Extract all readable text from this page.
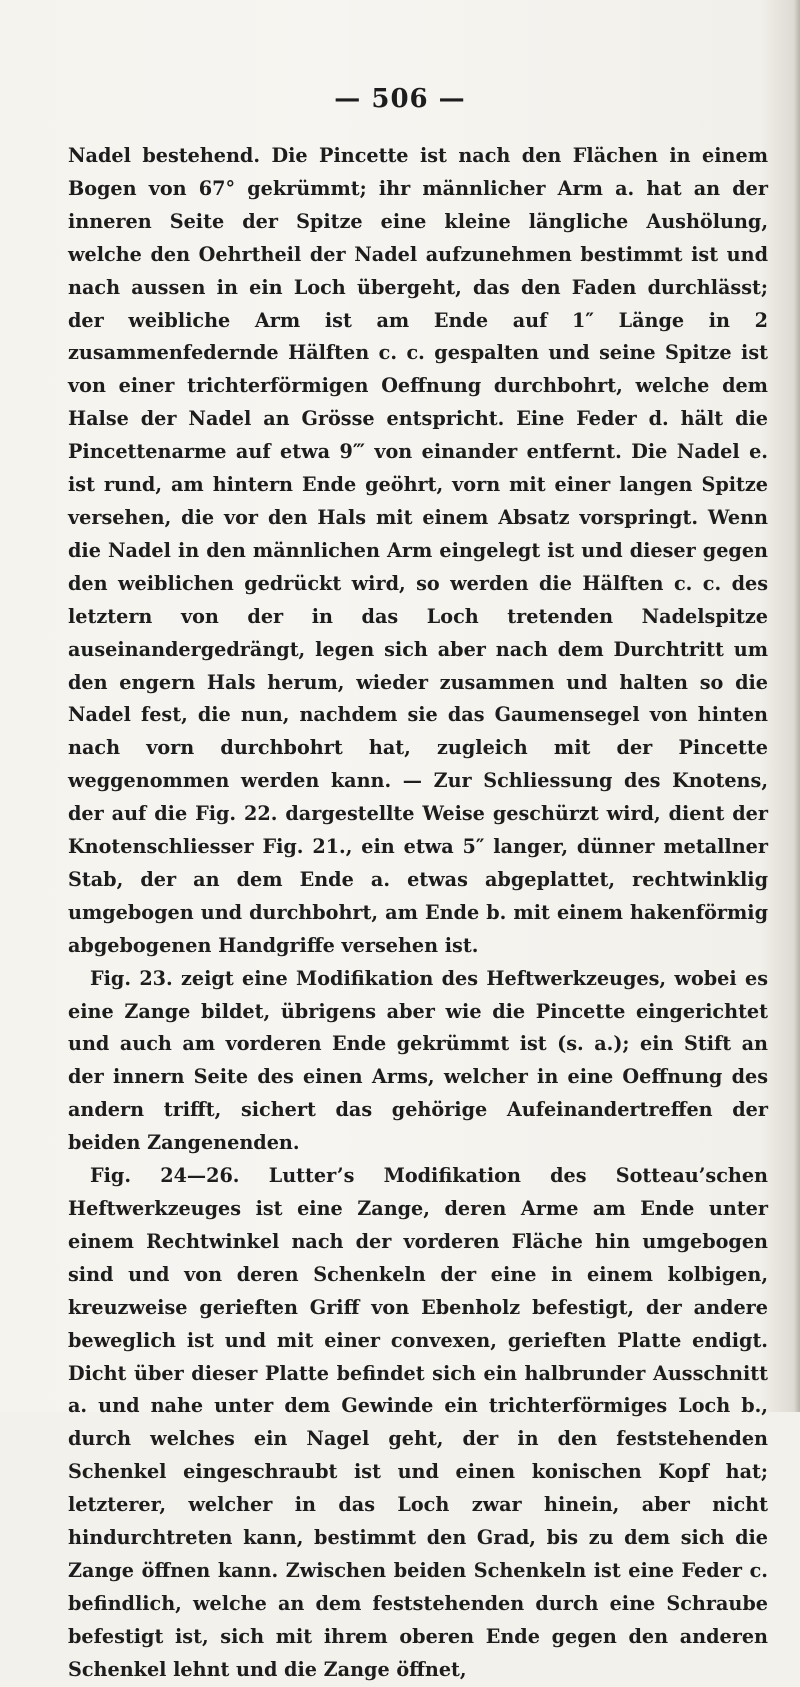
— 506 —

Nadel bestehend. Die Pincette ist nach den Flächen in einem Bogen von 67° gekrümmt; ihr männlicher Arm a. hat an der inneren Seite der Spitze eine kleine längliche Aushölung, welche den Oehrtheil der Nadel aufzunehmen bestimmt ist und nach aussen in ein Loch übergeht, das den Faden durchlässt; der weibliche Arm ist am Ende auf 1″ Länge in 2 zusammenfedernde Hälften c. c. gespalten und seine Spitze ist von einer trichterförmigen Oeffnung durchbohrt, welche dem Halse der Nadel an Grösse entspricht. Eine Feder d. hält die Pincettenarme auf etwa 9‴ von einander entfernt. Die Nadel e. ist rund, am hintern Ende geöhrt, vorn mit einer langen Spitze versehen, die vor den Hals mit einem Absatz vorspringt. Wenn die Nadel in den männlichen Arm eingelegt ist und dieser gegen den weiblichen gedrückt wird, so werden die Hälften c. c. des letztern von der in das Loch tretenden Nadelspitze auseinandergedrängt, legen sich aber nach dem Durchtritt um den engern Hals herum, wieder zusammen und halten so die Nadel fest, die nun, nachdem sie das Gaumensegel von hinten nach vorn durchbohrt hat, zugleich mit der Pincette weggenommen werden kann. — Zur Schliessung des Knotens, der auf die Fig. 22. dargestellte Weise geschürzt wird, dient der Knotenschliesser Fig. 21., ein etwa 5″ langer, dünner metallner Stab, der an dem Ende a. etwas abgeplattet, rechtwinklig umgebogen und durchbohrt, am Ende b. mit einem hakenförmig abgebogenen Handgriffe versehen ist.

Fig. 23. zeigt eine Modifikation des Heftwerkzeuges, wobei es eine Zange bildet, übrigens aber wie die Pincette eingerichtet und auch am vorderen Ende gekrümmt ist (s. a.); ein Stift an der innern Seite des einen Arms, welcher in eine Oeffnung des andern trifft, sichert das gehörige Aufeinandertreffen der beiden Zangenenden.

Fig. 24—26. Lutter’s Modifikation des Sotteau’schen Heftwerkzeuges ist eine Zange, deren Arme am Ende unter einem Rechtwinkel nach der vorderen Fläche hin umgebogen sind und von deren Schenkeln der eine in einem kolbigen, kreuzweise gerieften Griff von Ebenholz befestigt, der andere beweglich ist und mit einer convexen, gerieften Platte endigt. Dicht über dieser Platte befindet sich ein halbrunder Ausschnitt a. und nahe unter dem Gewinde ein trichterförmiges Loch b., durch welches ein Nagel geht, der in den feststehenden Schenkel eingeschraubt ist und einen konischen Kopf hat; letzterer, welcher in das Loch zwar hinein, aber nicht hindurchtreten kann, bestimmt den Grad, bis zu dem sich die Zange öffnen kann. Zwischen beiden Schenkeln ist eine Feder c. befindlich, welche an dem feststehenden durch eine Schraube befestigt ist, sich mit ihrem oberen Ende gegen den anderen Schenkel lehnt und die Zange öffnet,
